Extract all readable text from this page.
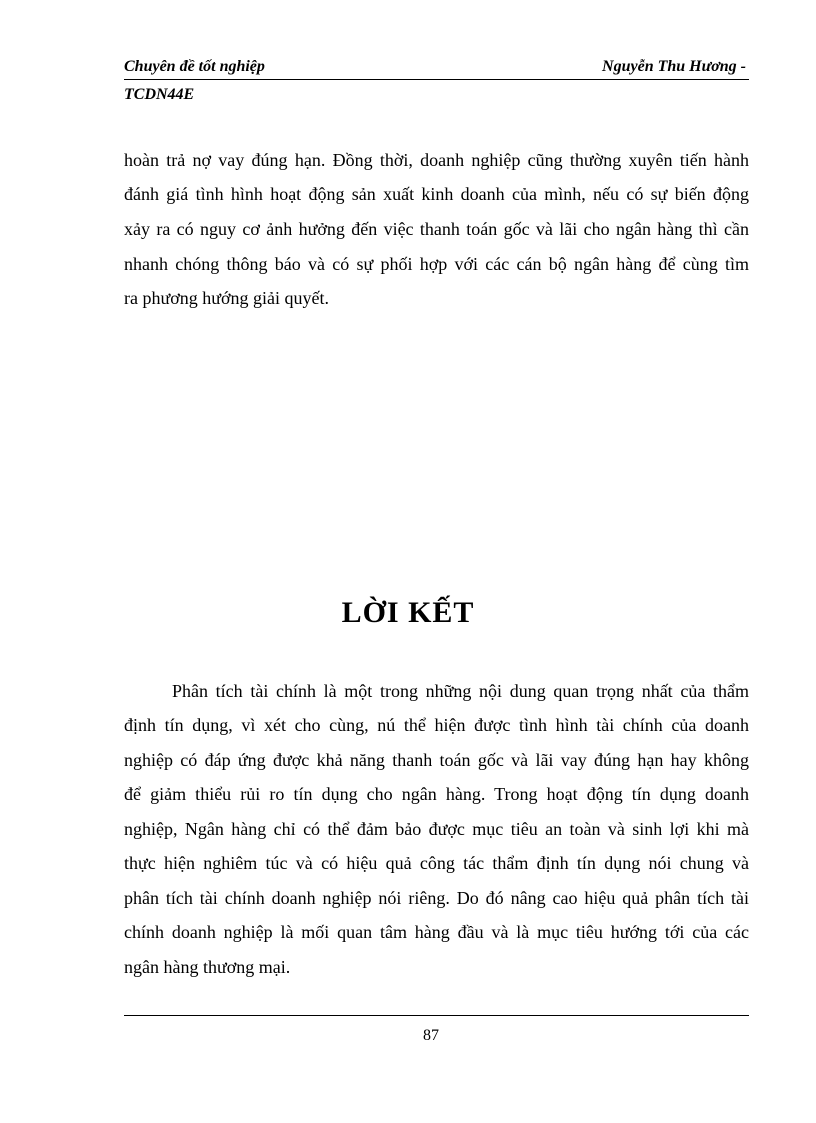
Chuyên đề tốt nghiệp	Nguyễn Thu Hương -
TCDN44E
hoàn trả nợ vay đúng hạn. Đồng thời, doanh nghiệp cũng thường xuyên tiến hành
đánh giá tình hình hoạt động sản xuất kinh doanh của mình, nếu có sự biến động
xảy ra có nguy cơ ảnh hưởng đến việc thanh toán gốc và lãi cho ngân hàng thì cần
nhanh chóng thông báo và có sự phối hợp với các cán bộ ngân hàng để cùng tìm
ra phương hướng giải quyết.
LỜI KẾT
Phân tích tài chính là một trong những nội dung quan trọng nhất của thẩm
định tín dụng, vì xét cho cùng, nú thể hiện được tình hình tài chính của doanh
nghiệp có đáp ứng được khả năng thanh toán gốc và lãi vay đúng hạn hay không
để giảm thiểu rủi ro tín dụng cho ngân hàng. Trong hoạt động tín dụng doanh
nghiệp, Ngân hàng chỉ có thể đảm bảo được mục tiêu an toàn và sinh lợi khi mà
thực hiện nghiêm túc và có hiệu quả công tác thẩm định tín dụng nói chung và
phân tích tài chính doanh nghiệp nói riêng. Do đó nâng cao hiệu quả phân tích tài
chính doanh nghiệp là mối quan tâm hàng đầu và là mục tiêu hướng tới của các
ngân hàng thương mại.
87
